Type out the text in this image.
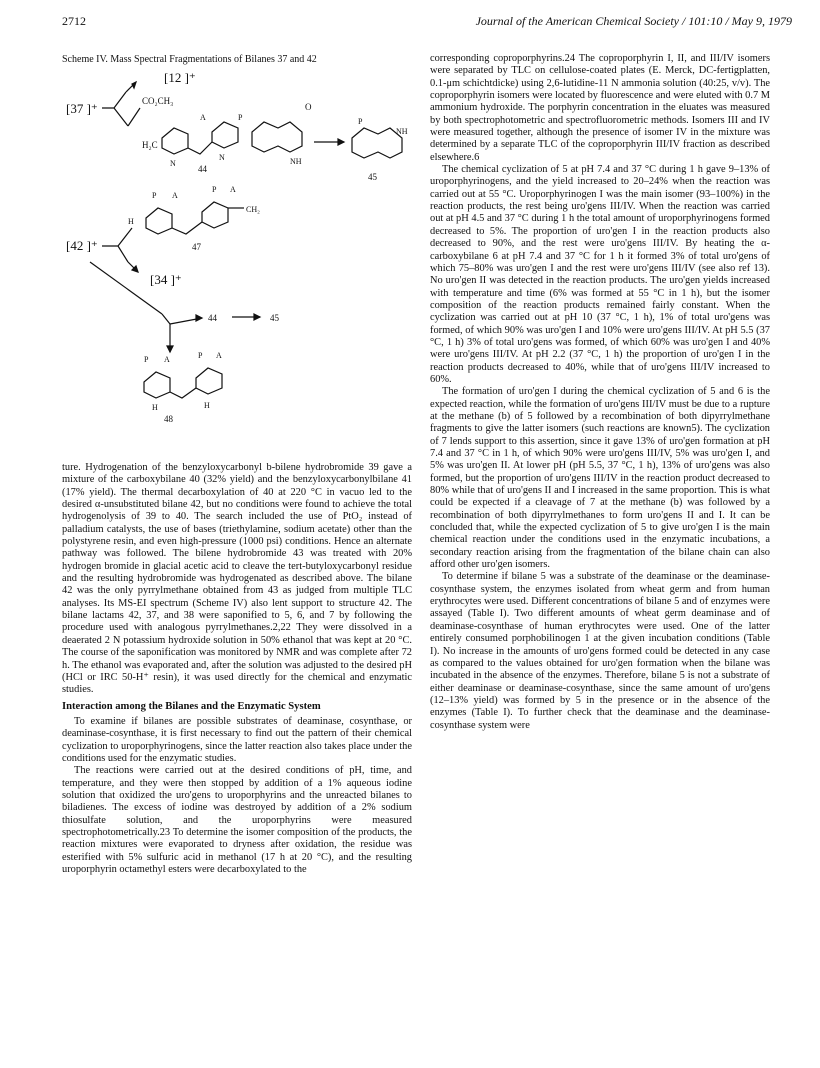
2712	Journal of the American Chemical Society / 101:10 / May 9, 1979
Scheme IV. Mass Spectral Fragmentations of Bilanes 37 and 42
[12 ]⁺
[37 ]⁺	CO₂CH₃
H₂C
N
N
A	P
44
O
NH
NH
P
45
[42 ]⁺
H
[34 ]⁺
CH₂
P A
P A
47
44	45
P A	P A
H	H
48

ture. Hydrogenation of the benzyloxycarbonyl b-bilene hydrobromide 39 gave a mixture of the carboxybilane 40 (32% yield) and the benzyloxycarbonylbilane 41 (17% yield). The thermal decarboxylation of 40 at 220 °C in vacuo led to the desired α-unsubstituted bilane 42, but no conditions were found to achieve the total hydrogenolysis of 39 to 40. The search included the use of PtO₂ instead of palladium catalysts, the use of bases (triethylamine, sodium acetate) other than the polystyrene resin, and even high-pressure (1000 psi) conditions. Hence an alternate pathway was followed. The bilene hydrobromide 43 was treated with 20% hydrogen bromide in glacial acetic acid to cleave the tert-butyloxycarbonyl residue and the resulting hydrobromide was hydrogenated as described above. The bilane 42 was the only pyrrylmethane obtained from 43 as judged from multiple TLC analyses. Its MS-EI spectrum (Scheme IV) also lent support to structure 42. The bilane lactams 42, 37, and 38 were saponified to 5, 6, and 7 by following the procedure used with analogous pyrrylmethanes.2,22 They were dissolved in a deaerated 2 N potassium hydroxide solution in 50% ethanol that was kept at 20 °C. The course of the saponification was monitored by NMR and was complete after 72 h. The ethanol was evaporated and, after the solution was adjusted to the desired pH (HCl or IRC 50-H⁺ resin), it was used directly for the chemical and enzymatic studies.

Interaction among the Bilanes and the Enzymatic System

To examine if bilanes are possible substrates of deaminase, cosynthase, or deaminase-cosynthase, it is first necessary to find out the pattern of their chemical cyclization to uroporphyrinogens, since the latter reaction also takes place under the conditions used for the enzymatic studies.

The reactions were carried out at the desired conditions of pH, time, and temperature, and they were then stopped by addition of a 1% aqueous iodine solution that oxidized the uro'gens to uroporphyrins and the unreacted bilanes to biladienes. The excess of iodine was destroyed by addition of a 2% sodium thiosulfate solution, and the uroporphyrins were measured spectrophotometrically.23 To determine the isomer composition of the products, the reaction mixtures were evaporated to dryness after oxidation, the residue was esterified with 5% sulfuric acid in methanol (17 h at 20 °C), and the resulting uroporphyrin octamethyl esters were decarboxylated to the

corresponding coproporphyrins.24 The coproporphyrin I, II, and III/IV isomers were separated by TLC on cellulose-coated plates (E. Merck, DC-fertigplatten, 0.1-μm schichtdicke) using 2,6-lutidine-11 N ammonia solution (40:25, v/v). The coproporphyrin isomers were located by fluorescence and were eluted with 0.7 M ammonium hydroxide. The porphyrin concentration in the eluates was measured by both spectrophotometric and spectrofluorometric methods. Isomers III and IV were measured together, although the presence of isomer IV in the mixture was determined by a separate TLC of the coproporphyrin III/IV fraction as described elsewhere.6

The chemical cyclization of 5 at pH 7.4 and 37 °C during 1 h gave 9–13% of uroporphyrinogens, and the yield increased to 20–24% when the reaction was carried out at 55 °C. Uroporphyrinogen I was the main isomer (93–100%) in the reaction products, the rest being uro'gens III/IV. When the reaction was carried out at pH 4.5 and 37 °C during 1 h the total amount of uroporphyrinogens formed decreased to 5%. The proportion of uro'gen I in the reaction products also decreased to 90%, and the rest were uro'gens III/IV. By heating the α-carboxybilane 6 at pH 7.4 and 37 °C for 1 h it formed 3% of total uro'gens of which 75–80% was uro'gen I and the rest were uro'gens III/IV (see also ref 13). No uro'gen II was detected in the reaction products. The uro'gen yields increased with temperature and time (6% was formed at 55 °C in 1 h), but the isomer composition of the reaction products remained fairly constant. When the cyclization was carried out at pH 10 (37 °C, 1 h), 1% of total uro'gens was formed, of which 90% was uro'gen I and 10% were uro'gens III/IV. At pH 5.5 (37 °C, 1 h) 3% of total uro'gens was formed, of which 60% was uro'gen I and 40% were uro'gens III/IV. At pH 2.2 (37 °C, 1 h) the proportion of uro'gen I in the reaction products decreased to 40%, while that of uro'gens III/IV increased to 60%.

The formation of uro'gen I during the chemical cyclization of 5 and 6 is the expected reaction, while the formation of uro'gens III/IV must be due to a rupture at the methane (b) of 5 followed by a recombination of both dipyrrylmethane fragments to give the latter isomers (such reactions are known5). The cyclization of 7 lends support to this assertion, since it gave 13% of uro'gen formation at pH 7.4 and 37 °C in 1 h, of which 90% were uro'gens III/IV, 5% was uro'gen I, and 5% was uro'gen II. At lower pH (pH 5.5, 37 °C, 1 h), 13% of uro'gens was also formed, but the proportion of uro'gens III/IV in the reaction product decreased to 80% while that of uro'gens II and I increased in the same proportion. This is what could be expected if a cleavage of 7 at the methane (b) was followed by a recombination of both dipyrrylmethanes to form uro'gens II and I. It can be concluded that, while the expected cyclization of 5 to give uro'gen I is the main chemical reaction under the conditions used in the enzymatic incubations, a secondary reaction arising from the fragmentation of the bilane chain can also afford other uro'gen isomers.

To determine if bilane 5 was a substrate of the deaminase or the deaminase-cosynthase system, the enzymes isolated from wheat germ and from human erythrocytes were used. Different concentrations of bilane 5 and of enzymes were assayed (Table I). Two different amounts of wheat germ deaminase and of deaminase-cosynthase of human erythrocytes were used. One of the latter entirely consumed porphobilinogen 1 at the given incubation conditions (Table I). No increase in the amounts of uro'gens formed could be detected in any case as compared to the values obtained for uro'gen formation when the bilane was incubated in the absence of the enzymes. Therefore, bilane 5 is not a substrate of either deaminase or deaminase-cosynthase, since the same amount of uro'gens (12–13% yield) was formed by 5 in the presence or in the absence of the enzymes (Table I). To further check that the deaminase and the deaminase-cosynthase system were
